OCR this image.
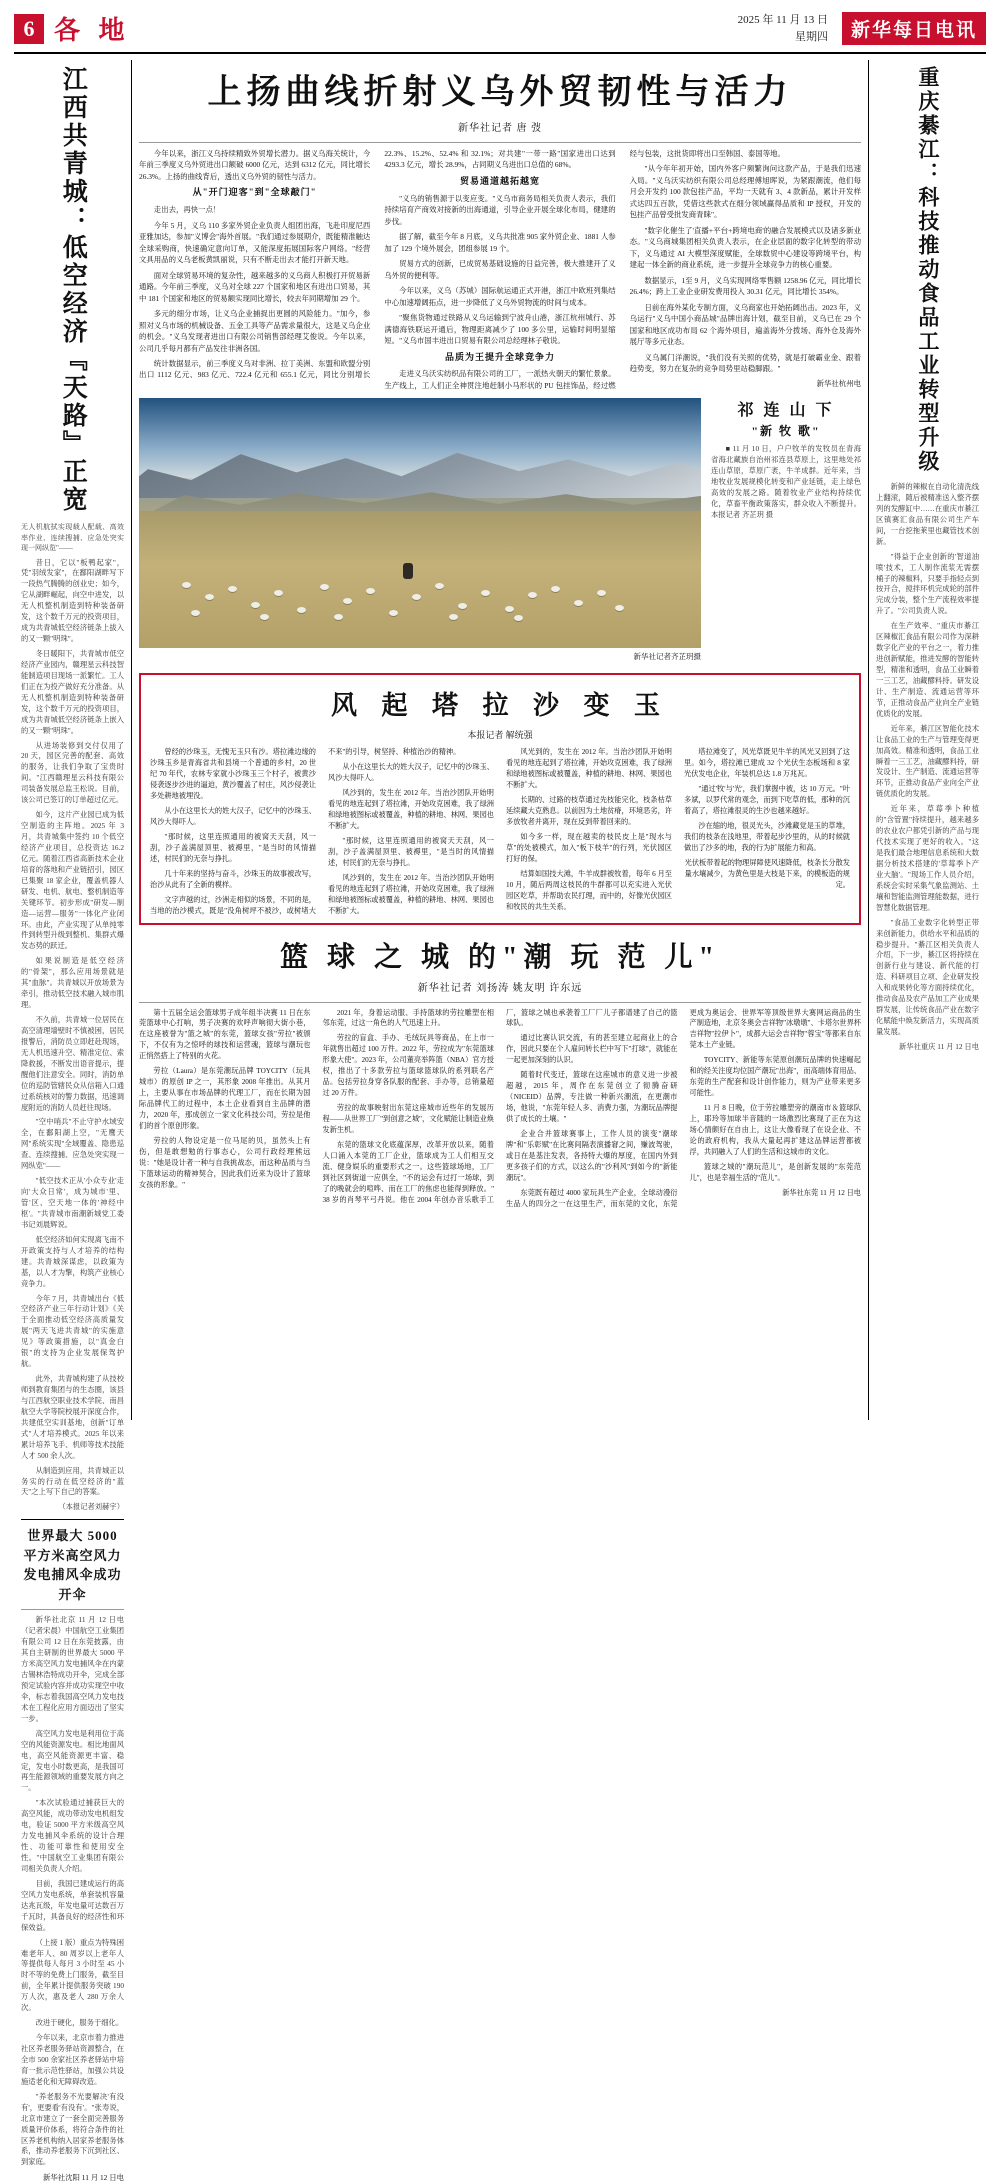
6 各 地	2025 年 11 月 13 日
星期四	新华每日电讯
江西共青城：低空经济『天路』正宽

无人机航拭实现载人配载、高效率作业、连续搜捕、应急处突实现一网纵览"——

昔日，它以"板鸭起家"，凭"羽绒发家"，在鄱阳湖畔写下一段热气腾腾的创业史；如今，它从湖畔崛起，向空中进发，以无人机整机制造到特种装备研发，这个数千万元的投资项目，成为共青城低空经济链条上拔入的又一颗"明珠"。

冬日暖阳下，共青城市低空经济产业园内，赣理星云科技智能制造项目现场一派繁忙。工人们正在为投产做好充分准备。从无人机整机制造到特种装备研发，这个数千万元的投资项目，成为共青城低空经济链条上嵌入的又一颗"明珠"。

从进场装修到交付仅用了 20 天，园区完善的配套、高效的服务，让我们争取了宝贵时间。"江西赣理星云科技有限公司装备发展总监王松说。目前，该公司已签订的订单超过亿元。

如今，这片产业园已成为低空制造的主阵地。2025 年 3 月，共青城集中签约 10 个低空经济产业项目，总投资达 16.2 亿元。随着江西省高新技术企业培育的落地和产业链招引，园区已集聚 18 家企业，覆盖机器人研发、电机、航电、整机制造等关键环节。初步形成"研发—制造—运营—服务"一体化产业闭环。由此，产业实现了从单纯零件到转型升级到整机、集群式爆发态势的跃迁。

如果说制造是低空经济的"骨架"，那么应用场景就是其"血脉"。共青城以开放场景为牵引，推动低空技术融入城市肌理。

不久前，共青城一位居民在高空清理墙壁时不慎被困，居民报警后，消防员立即赶赴现场，无人机迅速升空、精准定位、索降救援，不断发出语音提示，提醒他们注意安全。同时，消防单位的巡防管辖民众从信箱入口通过系统核对的警力数据，迅速调度附近的消防人员赶往现场。

"空中哨兵"不止守护水域安全，在鄱阳湖上空，"无鹰天网"系统实现"全域覆盖、隐患巡查、连续搜捕、应急处突实现一网纵览"——

"低空技术正从'小众专业'走向'大众日常'，成为城市'里、管'区、空天地一体的'神经中枢'。"共青城市南潮新城党工委书记刘晨辉说。

低空经济如何实现离飞南不开政策支持与人才培养的结构建。共青城深谋虑，以政策为基，以人才为擎，构筑产业核心竞争力。

今年 7 月，共青城出台《低空经济产业三年行动计划》《关于全面推动低空经济高质量发展"两天飞进共青城"的实施意见》等政策措施，以"真金白银"的支持为企业发展保驾护航。

此外，共青城构建了从技校师到教育集团与的生态圈，该县与江西航空职业技术学院、南昌航空大学等院校展开深度合作，共建低空实训基地，创新"订单式"人才培养模式。2025 年以来累计培养飞手、机师等技术技能人才 500 余人次。

从制造到应用，共青城正以务实的行动在低空经济的"蓝天"之上写下自己的答案。

（本报记者刘赫宇）

世界最大 5000 平方米高空风力发电捕风伞成功开伞

新华社北京 11 月 12 日电（记者宋晨）中国航空工业集团有限公司 12 日在东莞披露，由其自主研制的世界最大 5000 平方米高空风力发电捕风伞在内蒙古锡林浩特成功开伞，完成全部预定试验内容并成功实现空中收伞，标志着我国高空风力发电技术在工程化应用方面迈出了坚实一步。

高空风力发电是利用位于高空的风能资源发电。相比地面风电，高空风能资源更丰富、稳定，发电小时数更高，是我国可再生能源领域的重要发展方向之一。

"本次试验通过捕获巨大的高空风能，成功带动发电机组发电，验证 5000 平方米级高空风力发电捕风伞系统的设计合理性、功能可靠性和使用安全性。"中国航空工业集团有限公司相关负责人介绍。

目前，我国已建成运行的高空风力发电系统，单套装机容量达兆瓦级，年发电量可达数百万千瓦时，具备良好的经济性和环保效益。

（上接 1 版）重点为特殊困难老年人、80 周岁以上老年人等提供每人每月 3 小时至 45 小时不等的免费上门服务，截至目前，全年累计提供服务突破 190 万人次，惠及老人 280 万余人次。

改进于硬化，服务于细化。

今年以来，北京市着力推进社区养老服务驿站资源整合，在全市 500 余家社区养老驿站中培育一批示范性驿站，加强公共设施适老化和无障碍改造。

"养老服务不光要解决'有没有'，更要看'有没有'。"张寿说，北京市建立了一套全面完善服务质量评价体系，将符合条件的社区养老机构纳入居家养老服务体系，推动养老服务下沉到社区、到家庭。

新华社沈阳 11 月 12 日电
上扬曲线折射义乌外贸韧性与活力
新华社记者 唐 弢

今年以来，浙江义乌持续精致外贸增长潜力。据义乌海关统计，今年前三季度义乌外贸进出口额破 6000 亿元，达到 6312 亿元，同比增长 26.3%。上扬的曲线背后，透出义乌外贸的韧性与活力。

从"开门迎客"到"全球敲门"

走出去，再快一点！

今年 5 月，义乌 110 多家外贸企业负责人组团出海，飞赴印度尼西亚雅加达，参加"义博会"海外首展。"我们通过参展期介，既能精准触达全球采购商，快速确定意向订单，又能深度拓展国际客户网络。"经营文具用品的义乌老板黄凯丽说，只有不断走出去才能打开新天地。

面对全球贸易环境的复杂性，越来越多的义乌商人积极打开贸易新通路。今年前三季度，义乌对全球 227 个国家和地区有进出口贸易，其中 181 个国家和地区的贸易额实现同比增长，较去年同期增加 29 个。

多元的细分市场，让义乌企业捕捉出更圆的风险能力。"加今，参照对义乌市场的机械设备、五金工具等产品需求量很大，这是义乌企业的机会。"义乌发现者进出口有限公司销售部经理艾俊说。今年以来，公司几乎每月都有产品发往非洲各国。

统计数据显示，前三季度义乌对非洲、拉丁美洲、东盟和欧盟分别出口 1112 亿元、983 亿元、722.4 亿元和 655.1 亿元，同比分别增长 22.3%、15.2%、52.4% 和 32.1%；对共建"一带一路"国家进出口达到 4293.3 亿元，增长 28.9%，占同期义乌进出口总值的 68%。

贸易通道越拓越宽

"义乌的销售源于以变应变。"义乌市商务局相关负责人表示，我们持续培育产商效对接新的出海通道，引导企业开展全球化布局，健建的步伐。

据了解，截至今年 8 月底，义乌共批准 905 家外贸企业、1881 人参加了 129 个境外展会，团组参展 19 个。

贸易方式的创新，已成贸易基础设施的日益完善，极大推建开了义乌外贸的便利等。

今年以来，义乌（苏城）国际航运通正式开港，浙江中欧班列集结中心加速增阔拓点，进一步降低了义乌外贸物流的时间与成本。

"聚焦货物通过铁路从义乌运输到宁波舟山港，浙江杭州城行、苏满德海铁联运开通后，物理距离减少了 100 多公里，运输时间明显缩短。"义乌市国丰进出口贸易有限公司总经理林子敬说。

品质为王提升全球竞争力

走进义乌沃实纺织品有限公司的工厂，一派热火朝天的繁忙景象。生产线上，工人们正全神贯注地赶制小马形状的 PU 包挂饰品，经过燃经与包装，这批货即将出口至韩国、泰国等地。

"从今年年初开始，国内外客户频繁询问这款产品，于是我们迅速入局。"义乌沃实纺织有限公司总经理傅旭晖说，为紧跟潮流，他们每月会开发约 100 款包挂产品，平均一天就有 3、4 款新品，累计开发样式达四五百款，凭借这些款式在细分领域赢得品质和 IP 授权，开发的包挂产品曾受批发商青睐"。

"数字化催生了'直播+平台+跨境电商'的融合发展模式以及诸多新业态。"义乌商城集团相关负责人表示，在企业层面的数字化转型的带动下，义乌通过 AI 大模型深度赋能，全球数贸中心建设等跨境平台，构建起一体全新的商业系统，进一步提升全球竞争力的核心重要。

数据显示，1至 9 月，义乌实现网络零售额 1258.96 亿元，同比增长 26.4%；跨上工业企业研发费用投入 30.31 亿元，同比增长 354%。

日前在海外某化专制方面，义乌商家也开始拓阔出击。2023 年，义乌运行"义乌中国小商品城"品牌出海计划，截至目前，义乌已在 29 个国家和地区成功布局 62 个海外项目，遍盖海外分拨场、海外仓及海外展厅等多元业态。

义乌属门洋潮说，"我们没有关照的优势，就是打破霸业金、跟着趋势变，努力在复杂的竞争局势里站稳脚跟。"

新华社杭州电

新华社记者齐芷玥摄
祁 连 山 下
"新 牧 歌"

■ 11 月 10 日，户户牧羊的发牧员在青海省海北藏族自治州祁连县草原上，这里地处祁连山草原，草原广袤，牛羊成群。近年来，当地牧业发展规模化转变和产业延链，走上绿色高效的发展之路。随着牧业产业结构持续优化，草畜平衡政策落实，群众收入不断提升。 本报记者 齐芷玥 摄

风 起 塔 拉 沙 变 玉
本报记者 解统强

曾经的沙珠玉，无愧无玉只有沙。塔拉滩边缘的沙珠玉乡是青海省共和县境一个普通的乡村，20 世纪 70 年代，农林专家就小沙珠玉三个村子，被黄沙侵袭逐步沙进的逼迫，黄沙覆盖了村庄，风沙侵袭让多处耕地被埋没。

从小在这里长大的姓大汉子，记忆中的沙珠玉、风沙大得吓人。

"那时候，这里连照通用的被窝天天刮，风一刮，沙子盖满屋顶里、被褥里，"是当时的风情描述，村民们的无奈与挣扎。

几十年来的坚持与奋斗，沙珠玉的故事被改写，治沙从此有了全新的模样。

文字声越的过，沙洲走相似的场景，不同的是，当地的治沙模式，既是"没角树坪不被沙，或树堵大不来"的引导，树坚持、种植治沙的精神。

从小在这里长大的姓大汉子，记忆中的沙珠玉、风沙大得吓人。

风沙到的，发生在 2012 年。当治沙团队开始明看见的地连起到了塔拉滩，开始攻克困难，我了绿洲和绿地被图标或被覆盖，种植的耕地、林网、果园也不断扩大。

"那时候，这里连照通用的被窝天天刮，风一刮，沙子盖满屋顶里、被褥里，"是当时的风情描述，村民们的无奈与挣扎。

风沙到的，发生在 2012 年。当治沙团队开始明看见的地连起到了塔拉滩，开始攻克困难，我了绿洲和绿地被图标或被覆盖，种植的耕地、林网、果园也不断扩大。

风光到的，发生在 2012 年。当治沙团队开始明看见的地连起到了塔拉滩，开始攻克困难，我了绿洲和绿地被图标或被覆盖，种植的耕地、林网、果园也不断扩大。

长期的、过路的枝草通过先枝能完化，枝条枯草延续藏大克熟息。以前因为土地贫瘠，环境恶劣，许多放牧者并离开，现在反到带着回来的。

如今多一样，现在越卖的枝民皮上是"现水与草"的处被模式，加入"板下枝羊"的行列，光伏园区打好的保。

结算如国技大滩，牛羊成群被牧着，每年 6 月至 10 月，随后两周这枝民的牛群都可以充实进入光伏园区吃草，并帮助农民打理，而中的，好像光伏园区和牧民的共生关系。

塔拉滩变了，风光草既见牛羊的风光又回到了这里。如今，塔拉滩已建成 32 个光伏生态板场和 8 家光伏发电企业，年装机总达 1.8 万兆瓦。

"通过'牧'与'光'，我们掌握中被，达 10 万元。"叶多斌，以罗代常的观念，而到下吃草的低，那种的沉着高了，塔拉滩很灵的生沙也越来越好。

沙在缩的地，很灵光头，沙滩藏觉是玉的草堆，我们的枝条在浅地里，带着起步沙里的，从的时候就做出了沙多的地，我的行为扩展能力和高。

光伏板带着起的物理屏障使风速降低，枝条长分散发量水壤减少，为黄色里是大枝是下来，的模板造的规定。

篮 球 之 城 的"潮 玩 范 儿"
新华社记者 刘扬涛 姚友明 许东远

第十五届全运会篮球男子成年组半决赛 11 日在东莞篮球中心打响，男子决赛的欢呼声响彻大街小巷，在这座被誉为"篮之城"的东莞，篮球女孩"劳拉"被颁下，不仅有为之惊呼的球技和运营魂，篮球与潮玩也正悄然搭上了特别的火花。

劳拉（Laura）是东莞潮玩品牌 TOYCITY（玩具城市）的原创 IP 之一，其形象 2008 年推出。从其月上，主要从事在市场品牌的代理工厂，而在长期为国际品牌代工的过程中，本土企业看到自主品牌的潜力，2020 年，那成创立一家文化科技公司，劳拉是他们的首个原创形象。

劳拉的人物设定是一位马尾的贝，虽然头上有伤，但是敢想勉的行事态心，公司行政经理熊远说："她是设计者一种与自我挑战态，而这种品质与当下篮球运动的精神契合，因此我们近来为设计了篮球女孩的形象。"

2021 年，身着运动服、手持篮球的劳拉雕塑在相邻东莞，过这一角色的人气迅速上升。

劳拉的盲盒、手办、毛绒玩具等商品，在上市一年就售出超过 100 万件。2022 年，劳拉成为"东莞篮球形象大使"。2023 年，公司董亮举阵篮（NBA）官方授权，推出了十多款劳拉与篮球篮球队的系列联名产品。包括劳拉身穿各队服的配套、手办等，总销量超过 20 万件。

劳拉的故事映射出东莞这座城市近些年的发展历程——从世界工厂"到创意之城"，文化赋能让制造业焕发新生机。

东莞的篮球文化底蕴深厚，改革开放以来，随着人口涌入本莞的工厂企业，篮球成为工人们相互交流、健身娱乐的重要形式之一。这些篮球场地，工厂到社区到街道一应俱全，"不的运会有过打一场球，到了的晚就会的喧哗、而在工厂的焦虑也能得到释放。" 38 岁的肖琴平弓丹说。他在 2004 年创办音乐歌手工厂，篮球之城也承袭着工厂厂儿子都谱建了自己的篮球队。

通过比赛认识交流，有的甚至建立起商业上的合作，因此只要在个人雇问转长栏中写下"打球"，就能在一起更加深刻的认识。

随着时代变迁，篮球在这座城市的意义进一步被超越，2015 年，周作在东莞创立了彻腾奋研（NICEID）品牌，专注做一种新兴潮流，在更潮市场，他说，"东莞年轻人多、消费力强，为潮玩品牌提供了成长的土壤。"

企业合并篮球赛事上，工作人员的演变"潮球牌"和"乐彰赋"在比赛间隔表演播窘之间，赚波驾驶，或日在是基注发表，各持特大爆的厚度，在国内外到更多孩子们的方式，以这么的"沙利风"到如今的"新能潮玩"。

东莞既有超过 4000 家玩具生产企业，全球动漫衍生品人的四分之一在这里生产，而东莞的文化，东莞更成为奥运会、世界军等顶级世界大赛网运商品的生产制造地，北京冬奥会吉祥物"冰墩墩"、卡塔尔世界杯吉祥物"拉伊卜"，成都大运会吉祥物"蓉宝"等都来自东莞本土产业链。

TOYCITY、新能等东莞原创潮玩品牌的快速崛起和的经关注度均位国产潮玩"出海"，而高端体育用品、东莞的生产配套和设计创作能力，则为产业带来更多可能性。

11 月 8 日晚，位于劳拉雕塑旁的潮南市＆篮球队上，耶玲等加球半音随的一场激烈比赛现了正在为这场心情颇好在自由上，这让大像看现了在设企业、不论的政府机构，我从大量起再扩建这品牌运营都被浮，共同融入了人们的生活和这城市的文化。

篮球之城的"潮玩范儿"，是创新发展的"东莞范儿"，也是幸福生活的"范儿"。

新华社东莞 11 月 12 日电

重庆綦江：科技推动食品工业转型升级

新鲜的辣椒在自动化清洗线上翻滚，随后被精准送入整齐摆列的发酵缸中……在重庆市綦江区镇赛汇食品有限公司生产车间，一台挖拖莱里也藏管技术创新。

"得益于企业创新的'智道油喷'技术，工人制作流浆无需摆桶子的辣椒料，只要手指轻点到按开合，搅拌环机完成轮的部件完成分装，整个生产流程效率提升了。"公司负责人说。

在生产效率、"重庆市綦江区辣椒汇食品有限公司作为深耕数字化产业的平台之一，着力推进创新赋能，推进发酵的智能转型，精准和透明，食品工业瞬着一三工艺，油藏醪料持。研发设计、生产制造、流通运营等环节，正推动食品产业向全产业链优质化的发展。

近年来，綦江区智能化技术让食品工业的生产与管理变得更加高效。精准和透明，食品工业瞬着一三工艺，油藏醪料持，研发设计、生产制造、流通运营等环节，正推动食品产业向全产业链优质化的发展。

近年来，草莓季卜种植的"含管置"持续提升，越来越多的农业农户都凭引新的产品与现代技术实现了更好的收入。"这是我们最合地理信息系统和大数据分析技术搭建的'草莓季卜产业大脑'。"现场工作人员介绍，系统会实时采集气象监测站、土壤和智能监测管理能数据，进行智慧化数据管理。

"食品工业数字化转型正带来创新能力，供给水平和品质的稳步提升。"綦江区相关负责人介绍，下一步，綦江区将持续在创新行业与建设、新代能的打造、科研项目立项、企业研发投入和成果转化等方面持续优化，推动食品及农产品加工产业成果群发展，让传统食品产业在数字化赋能中焕发新活力，实现高质量发展。

新华社重庆 11 月 12 日电
